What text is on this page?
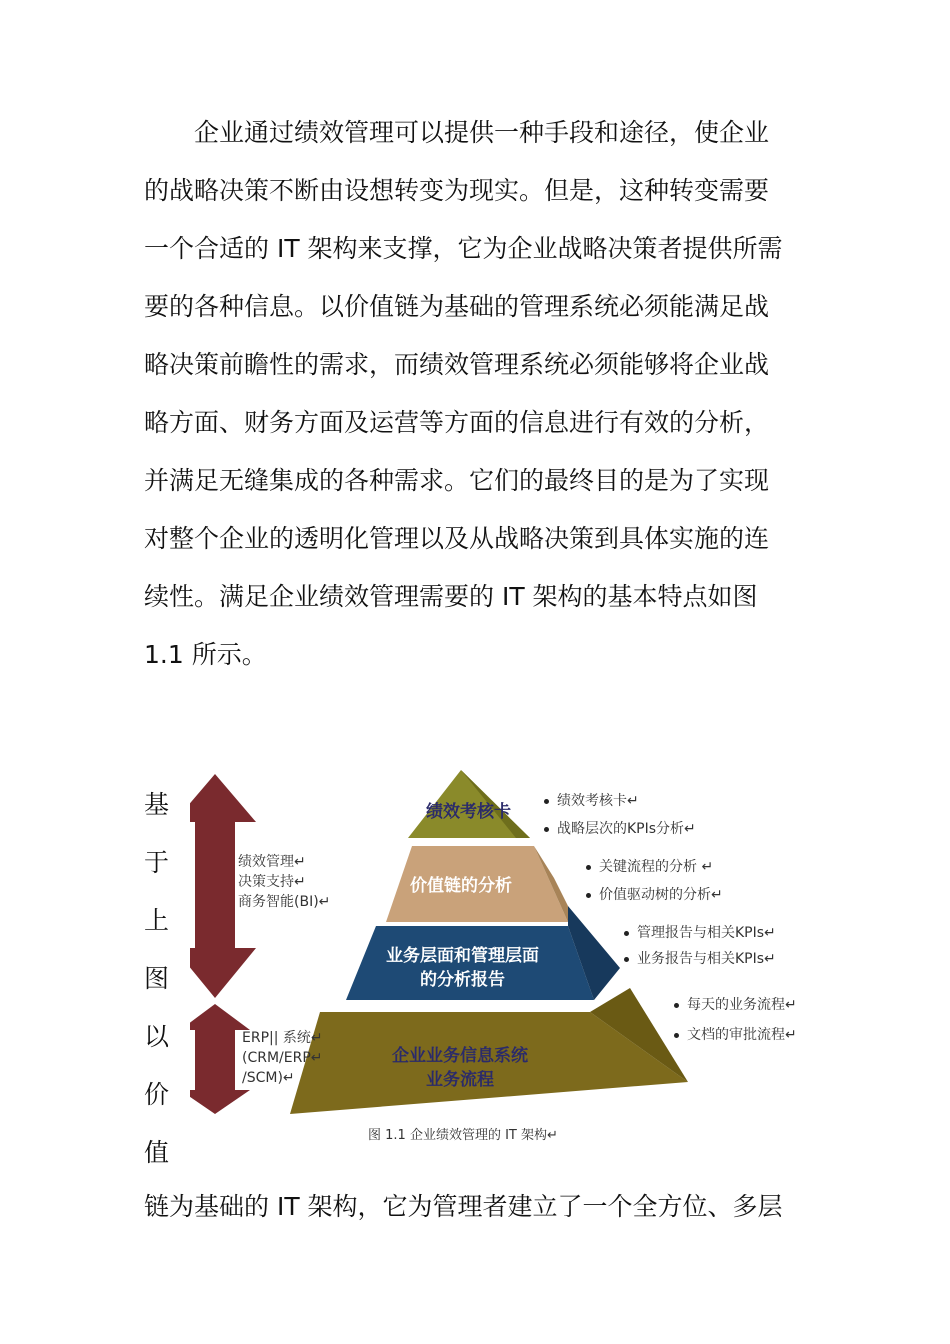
　　企业通过绩效管理可以提供一种手段和途径，使企业
的战略决策不断由设想转变为现实。但是，这种转变需要
一个合适的 IT 架构来支撑，它为企业战略决策者提供所需
要的各种信息。以价值链为基础的管理系统必须能满足战
略决策前瞻性的需求，而绩效管理系统必须能够将企业战
略方面、财务方面及运营等方面的信息进行有效的分析，
并满足无缝集成的各种需求。它们的最终目的是为了实现
对整个企业的透明化管理以及从战略决策到具体实施的连
续性。满足企业绩效管理需要的 IT 架构的基本特点如图
1.1 所示。
基
于
上
图
以
价
值
绩效管理↵
决策支持↵
商务智能(BI)↵
ERP|| 系统↵
(CRM/ERP↵
/SCM)↵
绩效考核卡
价值链的分析
业务层面和管理层面
的分析报告
企业业务信息系统
业务流程
绩效考核卡↵
战略层次的KPIs分析↵
关键流程的分析 ↵
价值驱动树的分析↵
管理报告与相关KPIs↵
业务报告与相关KPIs↵
每天的业务流程↵
文档的审批流程↵
图 1.1 企业绩效管理的 IT 架构↵
链为基础的 IT 架构，它为管理者建立了一个全方位、多层
